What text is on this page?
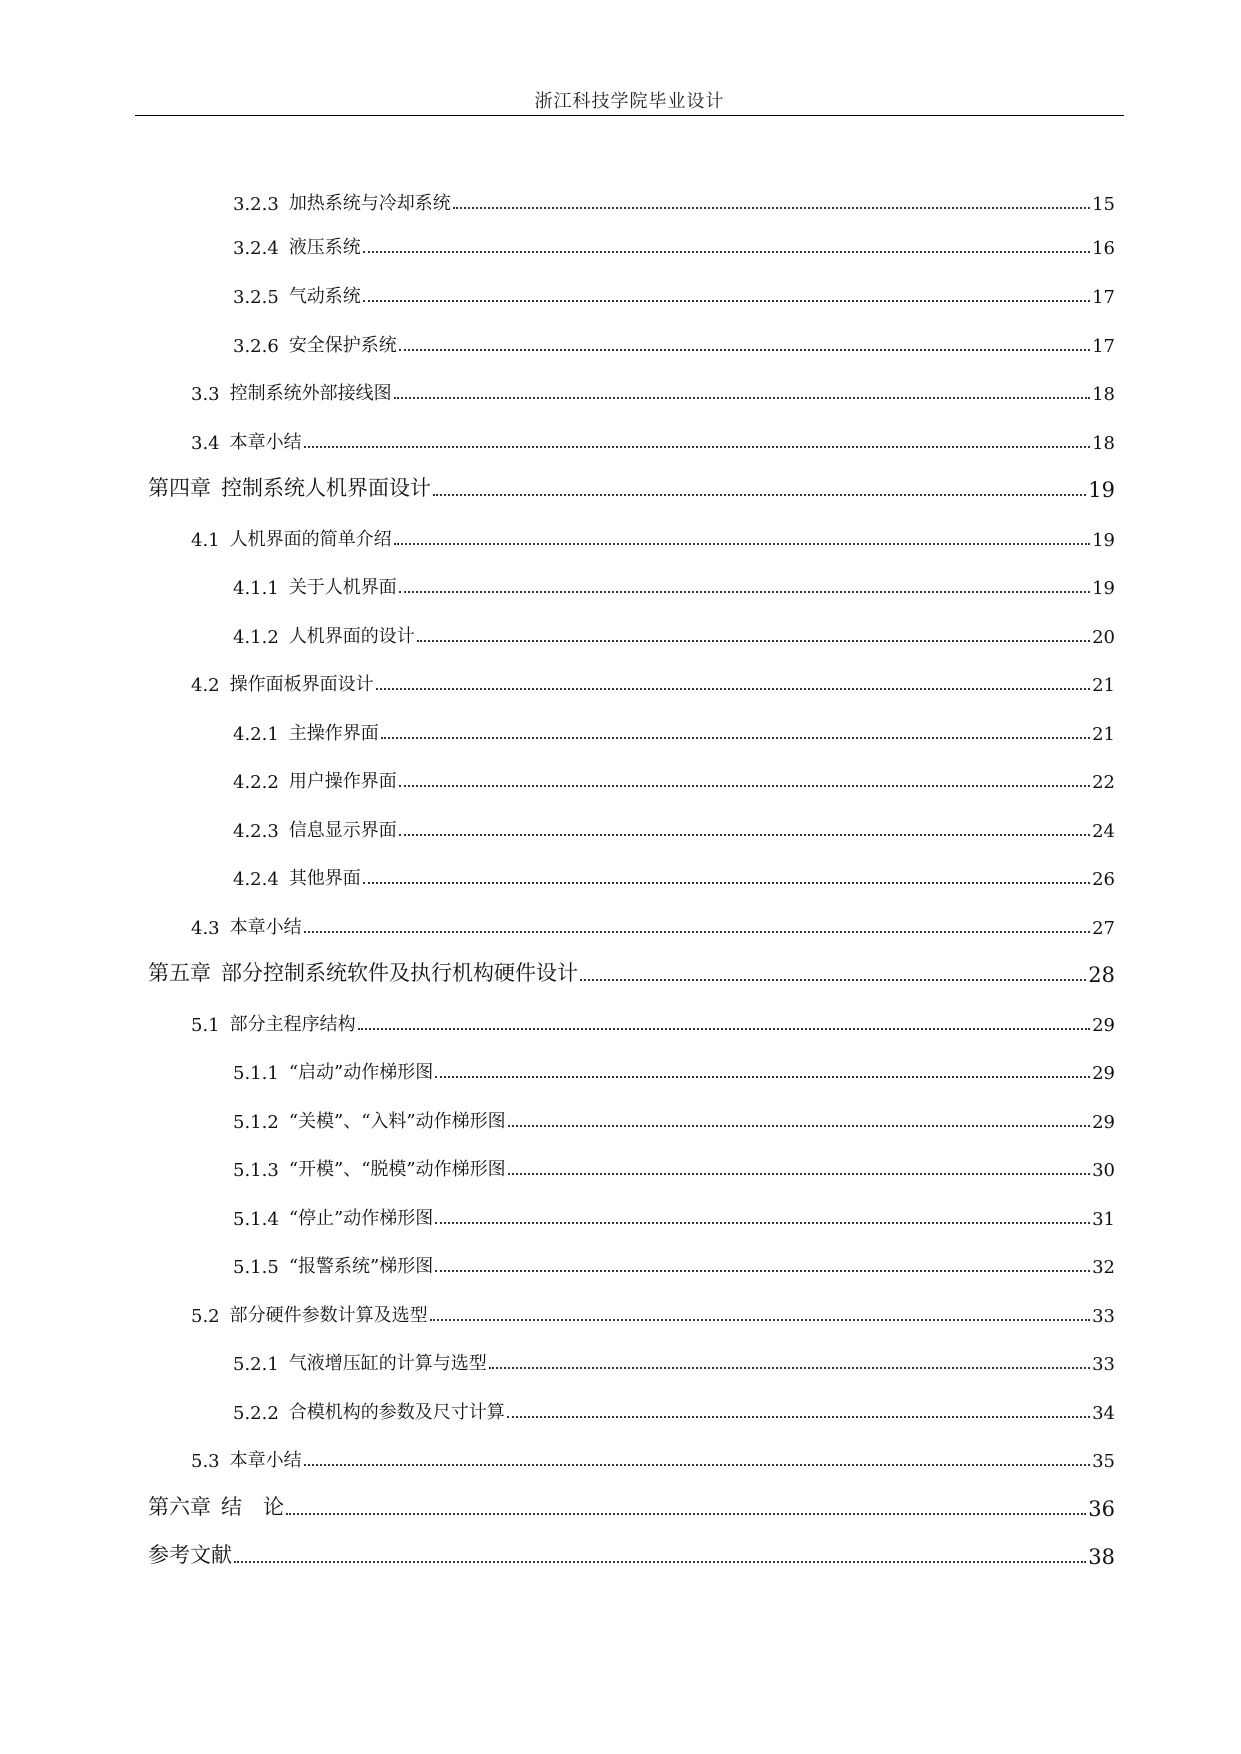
浙江科技学院毕业设计
3.2.3 加热系统与冷却系统	15
3.2.4 液压系统	16
3.2.5 气动系统	17
3.2.6 安全保护系统	17
3.3 控制系统外部接线图	18
3.4 本章小结	18
第四章 控制系统人机界面设计	19
4.1 人机界面的简单介绍	19
4.1.1 关于人机界面	19
4.1.2 人机界面的设计	20
4.2 操作面板界面设计	21
4.2.1 主操作界面	21
4.2.2 用户操作界面	22
4.2.3 信息显示界面	24
4.2.4 其他界面	26
4.3 本章小结	27
第五章 部分控制系统软件及执行机构硬件设计	28
5.1 部分主程序结构	29
5.1.1 “启动”动作梯形图	29
5.1.2 “关模”、“入料”动作梯形图	29
5.1.3 “开模”、“脱模”动作梯形图	30
5.1.4 “停止”动作梯形图	31
5.1.5 “报警系统”梯形图	32
5.2 部分硬件参数计算及选型	33
5.2.1 气液增压缸的计算与选型	33
5.2.2 合模机构的参数及尺寸计算	34
5.3 本章小结	35
第六章 结　论	36
参考文献	38
